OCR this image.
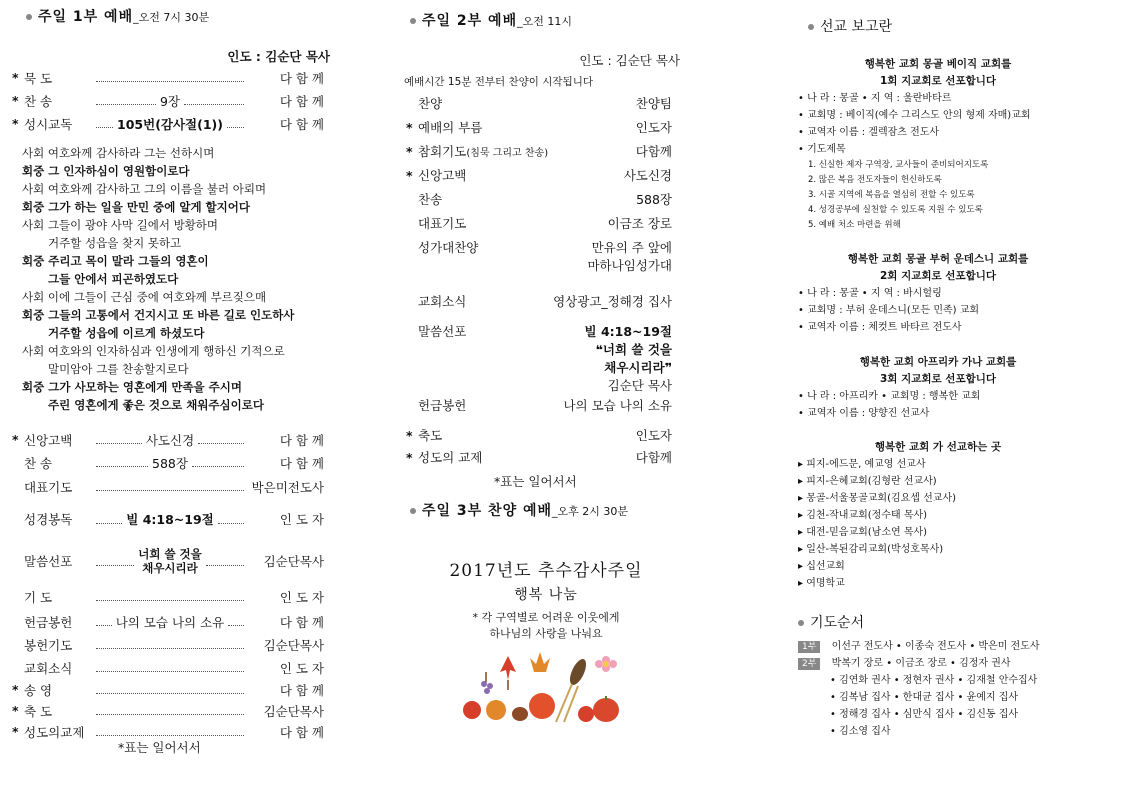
주일 1부 예배 _오전 7시 30분
인도 : 김순단 목사
* 묵 도	다 함 께
* 찬 송	9장	다 함 께
* 성시교독	105번(감사절(1))	다 함 께
사회 여호와께 감사하라 그는 선하시며
회중 그 인자하심이 영원함이로다
사회 여호와께 감사하고 그의 이름을 불러 아뢰며
회중 그가 하는 일을 만민 중에 알게 할지어다
사회 그들이 광야 사막 길에서 방황하며
거주할 성읍을 찾지 못하고
회중 주리고 목이 말라 그들의 영혼이
그들 안에서 피곤하였도다
사회 이에 그들이 근심 중에 여호와께 부르짖으매
회중 그들의 고통에서 건지시고 또 바른 길로 인도하사
거주할 성읍에 이르게 하셨도다
사회 여호와의 인자하심과 인생에게 행하신 기적으로
말미암아 그를 찬송할지로다
회중 그가 사모하는 영혼에게 만족을 주시며
주린 영혼에게 좋은 것으로 채워주심이로다
* 신앙고백	사도신경	다 함 께
찬 송	588장	다 함 께
대표기도	박은미전도사
성경봉독	빌 4:18~19절	인 도 자
말씀선포	너희 쓸 것을
채우시리라	김순단목사
기 도	인 도 자
헌금봉헌	나의 모습 나의 소유	다 함 께
봉헌기도	김순단목사
교회소식	인 도 자
* 송 영	다 함 께
* 축 도	김순단목사
* 성도의교제	다 함 께
*표는 일어서서
주일 2부 예배 _오전 11시
인도 : 김순단 목사
예배시간 15분 전부터 찬양이 시작됩니다
찬양	찬양팀
* 예배의 부름	인도자
* 참회기도(침묵 그리고 찬송)	다함께
* 신앙고백	사도신경
찬송	588장
대표기도	이금조 장로
성가대찬양	만유의 주 앞에
마하나임성가대
교회소식	영상광고_정해경 집사
말씀선포	빌 4:18~19절
❝너희 쓸 것을
채우시리라❞
김순단 목사
헌금봉헌	나의 모습 나의 소유
* 축도	인도자
* 성도의 교제	다함께
*표는 일어서서
주일 3부 찬양 예배 _오후 2시 30분
2017년도 추수감사주일
행복 나눔
* 각 구역별로 어려운 이웃에게
하나님의 사랑을 나눠요
선교 보고란
행복한 교회 몽골 베이직 교회를
1회 지교회로 선포합니다
• 나 라 : 몽골 • 지 역 : 울란바타르
• 교회명 : 베이직(예수 그리스도 안의 형제 자매)교회
• 교역자 이름 : 겔렉잠츠 전도사
• 기도제목
1. 신실한 제자 구역장, 교사들이 준비되어지도록
2. 많은 복음 전도자들이 헌신하도록
3. 시골 지역에 복음을 열심히 전할 수 있도록
4. 성경공부에 실천할 수 있도록 지원 수 있도록
5. 예배 처소 마련을 위해
행복한 교회 몽골 부허 운데스니 교회를
2회 지교회로 선포합니다
• 나 라 : 몽골 • 지 역 : 바시헐링
• 교회명 : 부허 운데스니(모든 민족) 교회
• 교역자 이름 : 체컷트 바타르 전도사
행복한 교회 아프리카 가나 교회를
3회 지교회로 선포합니다
• 나 라 : 아프리카 • 교회명 : 행복한 교회
• 교역자 이름 : 양향진 선교사
행복한 교회 가 선교하는 곳
▸ 피지-에드문, 예교영 선교사
▸ 피지-은혜교회(김형란 선교사)
▸ 몽골-서울몽골교회(김요셉 선교사)
▸ 김천-작내교회(정수태 목사)
▸ 대전-믿음교회(남소연 목사)
▸ 일산-복된감리교회(박성호목사)
▸ 십선교회
▸ 여명학교
기도순서
1부 이선구 전도사 • 이종숙 전도사 • 박은미 전도사
2부 박복기 장로 • 이금조 장로 • 김정자 권사
• 김연화 권사 • 정현자 권사 • 김재철 안수집사
• 김복남 집사 • 한대균 집사 • 윤예지 집사
• 정해경 집사 • 심만식 집사 • 김신동 집사
• 김소영 집사
